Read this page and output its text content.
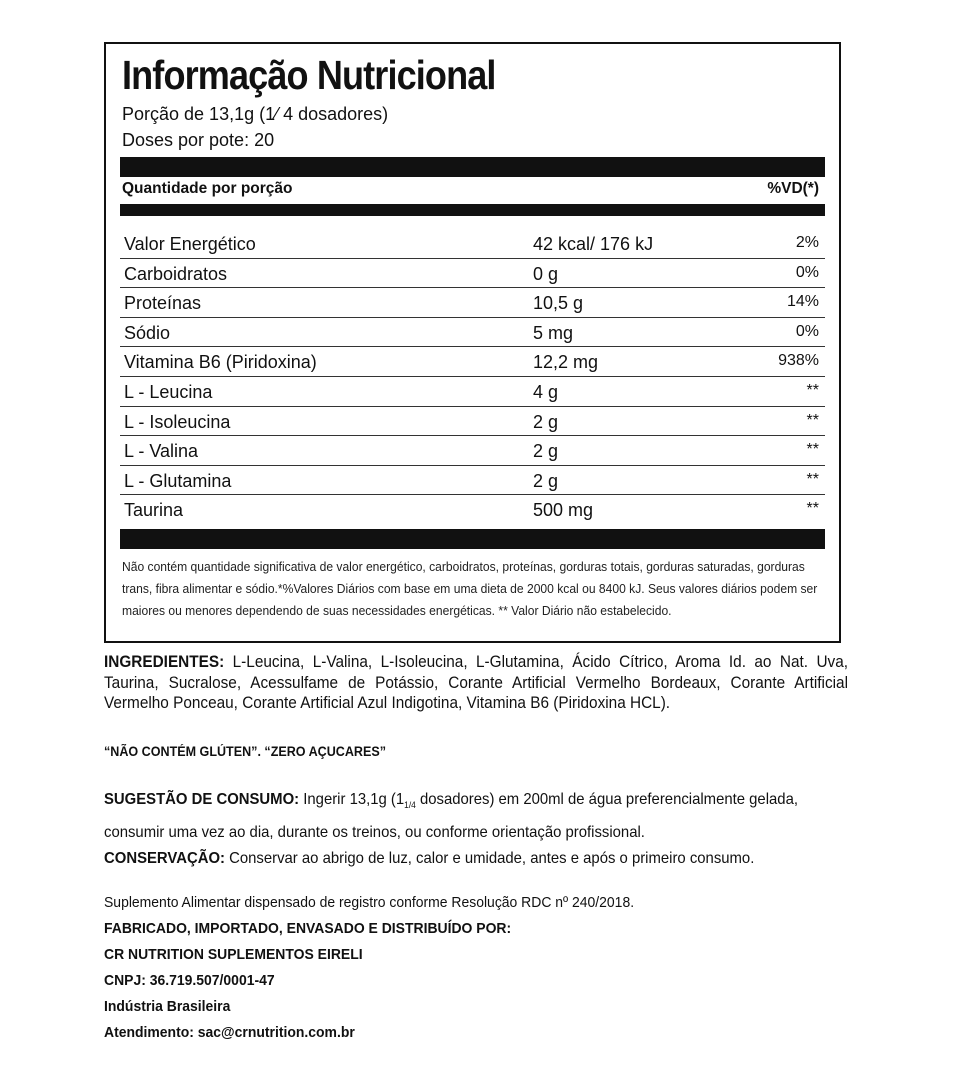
Informação Nutricional
Porção de 13,1g (1⁄ 4 dosadores)
Doses por pote: 20
Quantidade por porção	%VD(*)
Valor Energético	42 kcal/ 176 kJ	2%
Carboidratos	0 g	0%
Proteínas	10,5 g	14%
Sódio	5 mg	0%
Vitamina B6 (Piridoxina)	12,2 mg	938%
L - Leucina	4 g	**
L - Isoleucina	2 g	**
L - Valina	2 g	**
L - Glutamina	2 g	**
Taurina	500 mg	**
Não contém quantidade significativa de valor energético, carboidratos, proteínas, gorduras totais, gorduras saturadas, gorduras trans, fibra alimentar e sódio.*%Valores Diários com base em uma dieta de 2000 kcal ou 8400 kJ. Seus valores diários podem ser maiores ou menores dependendo de suas necessidades energéticas. ** Valor Diário não estabelecido.
INGREDIENTES: L-Leucina, L-Valina, L-Isoleucina, L-Glutamina, Ácido Cítrico, Aroma Id. ao Nat. Uva, Taurina, Sucralose, Acessulfame de Potássio, Corante Artificial Vermelho Bordeaux, Corante Artificial Vermelho Ponceau, Corante Artificial Azul Indigotina, Vitamina B6 (Piridoxina HCL).
“NÃO CONTÉM GLÚTEN”. “ZERO AÇUCARES”
SUGESTÃO DE CONSUMO: Ingerir 13,1g ($1_{1/4}$ dosadores) em 200ml de água preferencialmente gelada, consumir uma vez ao dia, durante os treinos, ou conforme orientação profissional.
CONSERVAÇÃO: Conservar ao abrigo de luz, calor e umidade, antes e após o primeiro consumo.
Suplemento Alimentar dispensado de registro conforme Resolução RDC nº 240/2018.
FABRICADO, IMPORTADO, ENVASADO E DISTRIBUÍDO POR:
CR NUTRITION SUPLEMENTOS EIRELI
CNPJ: 36.719.507/0001-47
Indústria Brasileira
Atendimento: sac@crnutrition.com.br
